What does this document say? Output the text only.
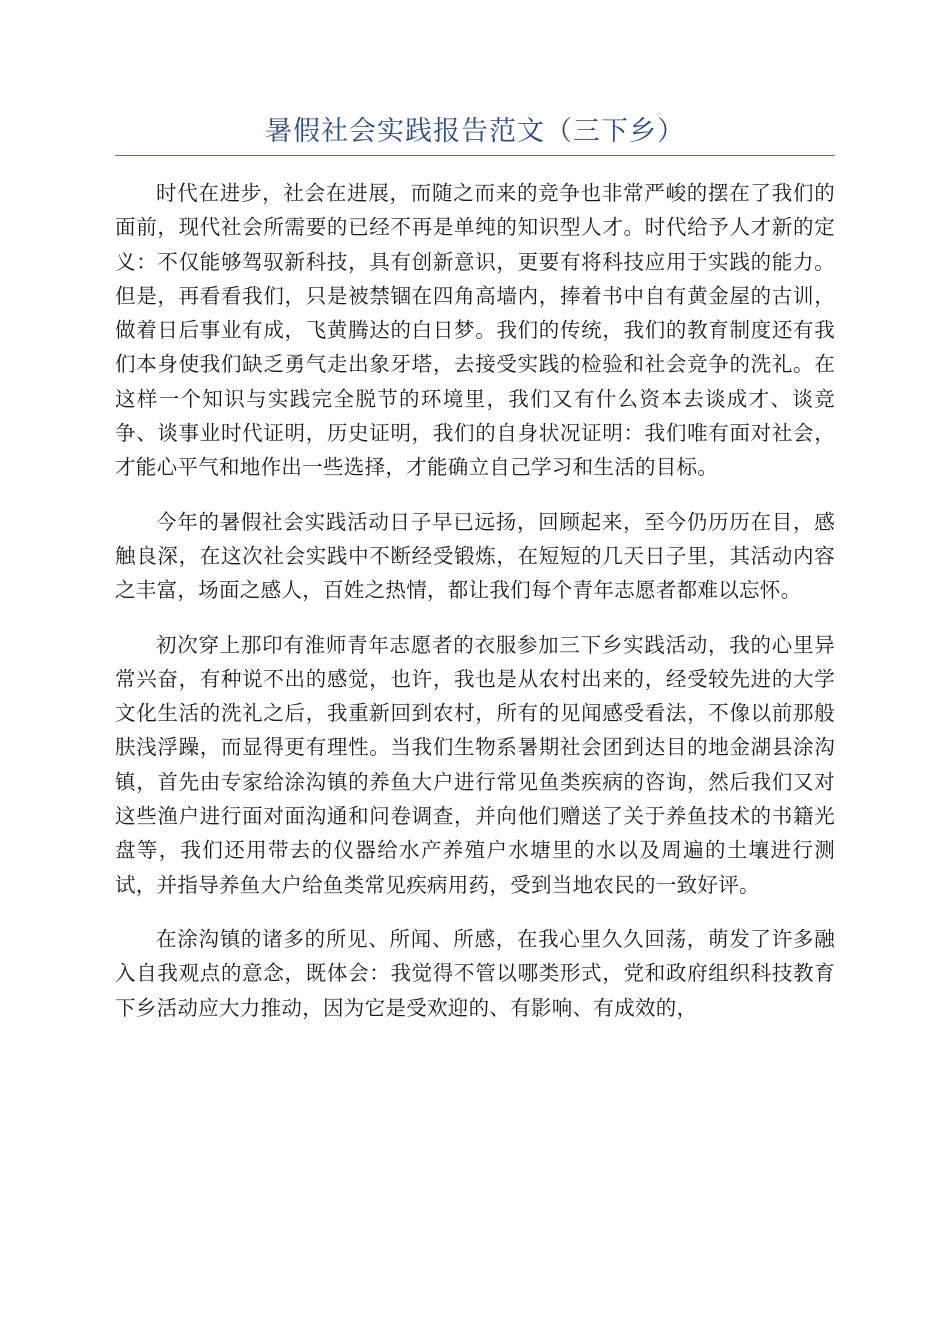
暑假社会实践报告范文（三下乡）

时代在进步，社会在进展，而随之而来的竞争也非常严峻的摆在了我们的面前，现代社会所需要的已经不再是单纯的知识型人才。时代给予人才新的定义：不仅能够驾驭新科技，具有创新意识，更要有将科技应用于实践的能力。但是，再看看我们，只是被禁锢在四角高墙内，捧着书中自有黄金屋的古训，做着日后事业有成，飞黄腾达的白日梦。我们的传统，我们的教育制度还有我们本身使我们缺乏勇气走出象牙塔，去接受实践的检验和社会竞争的洗礼。在这样一个知识与实践完全脱节的环境里，我们又有什么资本去谈成才、谈竞争、谈事业时代证明，历史证明，我们的自身状况证明：我们唯有面对社会，才能心平气和地作出一些选择，才能确立自己学习和生活的目标。

今年的暑假社会实践活动日子早已远扬，回顾起来，至今仍历历在目，感触良深，在这次社会实践中不断经受锻炼，在短短的几天日子里，其活动内容之丰富，场面之感人，百姓之热情，都让我们每个青年志愿者都难以忘怀。

初次穿上那印有淮师青年志愿者的衣服参加三下乡实践活动，我的心里异常兴奋，有种说不出的感觉，也许，我也是从农村出来的，经受较先进的大学文化生活的洗礼之后，我重新回到农村，所有的见闻感受看法，不像以前那般肤浅浮躁，而显得更有理性。当我们生物系暑期社会团到达目的地金湖县涂沟镇，首先由专家给涂沟镇的养鱼大户进行常见鱼类疾病的咨询，然后我们又对这些渔户进行面对面沟通和问卷调查，并向他们赠送了关于养鱼技术的书籍光盘等，我们还用带去的仪器给水产养殖户水塘里的水以及周遍的土壤进行测试，并指导养鱼大户给鱼类常见疾病用药，受到当地农民的一致好评。

在涂沟镇的诸多的所见、所闻、所感，在我心里久久回荡，萌发了许多融入自我观点的意念，既体会：我觉得不管以哪类形式，党和政府组织科技教育下乡活动应大力推动，因为它是受欢迎的、有影响、有成效的，
